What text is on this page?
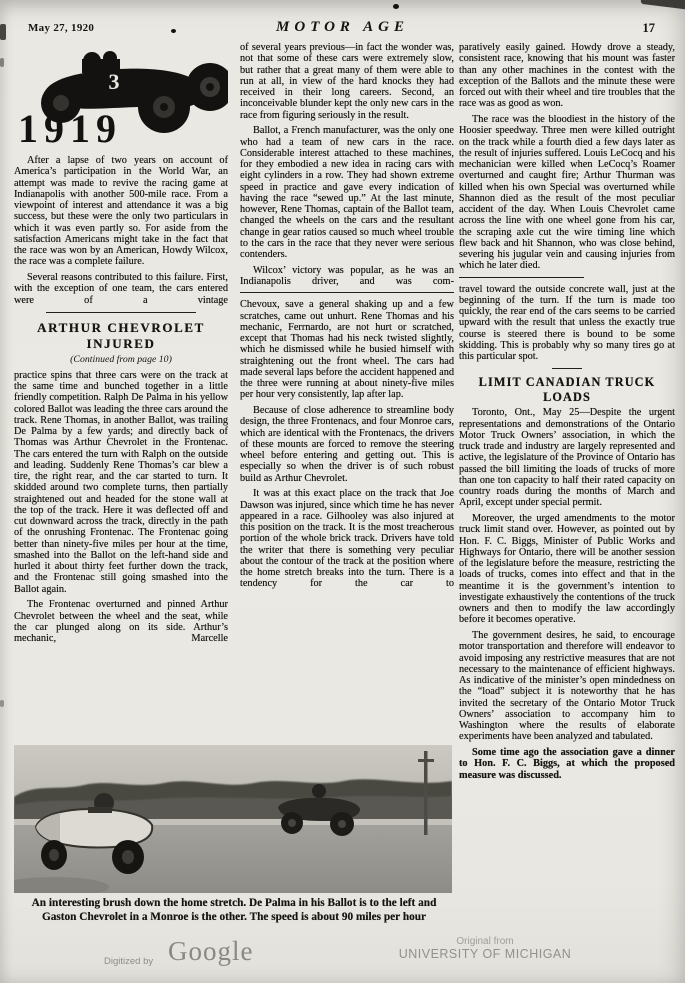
May 27, 1920	MOTOR AGE	17
3
1919

After a lapse of two years on account of America’s participation in the World War, an attempt was made to revive the racing game at Indianapolis with another 500-mile race. From a viewpoint of interest and attendance it was a big success, but these were the only two particulars in which it was even partly so. For aside from the satisfaction Americans might take in the fact that the race was won by an American, Howdy Wilcox, the race was a complete failure.

Several reasons contributed to this failure. First, with the exception of one team, the cars entered were of a vintage

ARTHUR CHEVROLET INJURED
(Continued from page 10)

practice spins that three cars were on the track at the same time and bunched together in a little friendly competition. Ralph De Palma in his yellow colored Ballot was leading the three cars around the track. Rene Thomas, in another Ballot, was trailing De Palma by a few yards; and directly back of Thomas was Arthur Chevrolet in the Frontenac. The cars entered the turn with Ralph on the outside and leading. Suddenly Rene Thomas’s car blew a tire, the right rear, and the car started to turn. It skidded around two complete turns, then partially straightened out and headed for the stone wall at the top of the track. Here it was deflected off and cut downward across the track, directly in the path of the onrushing Frontenac. The Frontenac going better than ninety-five miles per hour at the time, smashed into the Ballot on the left-hand side and hurled it about thirty feet further down the track, and the Frontenac still going smashed into the Ballot again.

The Frontenac overturned and pinned Arthur Chevrolet between the wheel and the seat, while the car plunged along on its side. Arthur’s mechanic, Marcelle

of several years previous—in fact the wonder was, not that some of these cars were extremely slow, but rather that a great many of them were able to run at all, in view of the hard knocks they had received in their long careers. Second, an inconceivable blunder kept the only new cars in the race from figuring seriously in the result.

Ballot, a French manufacturer, was the only one who had a team of new cars in the race. Considerable interest attached to these machines, for they embodied a new idea in racing cars with eight cylinders in a row. They had shown extreme speed in practice and gave every indication of having the race “sewed up.” At the last minute, however, Rene Thomas, captain of the Ballot team, changed the wheels on the cars and the resultant change in gear ratios caused so much wheel trouble to the cars in the race that they never were serious contenders.

Wilcox’ victory was popular, as he was an Indianapolis driver, and was com-

Chevoux, save a general shaking up and a few scratches, came out unhurt. Rene Thomas and his mechanic, Ferrnardo, are not hurt or scratched, except that Thomas had his neck twisted slightly, which he dismissed while he busied himself with straightening out the front wheel. The cars had made several laps before the accident happened and the three were running at about ninety-five miles per hour very consistently, lap after lap.

Because of close adherence to streamline body design, the three Frontenacs, and four Monroe cars, which are identical with the Frontenacs, the drivers of these mounts are forced to remove the steering wheel before entering and getting out. This is especially so when the driver is of such robust build as Arthur Chevrolet.

It was at this exact place on the track that Joe Dawson was injured, since which time he has never appeared in a race. Gilhooley was also injured at this position on the track. It is the most treacherous portion of the whole brick track. Drivers have told the writer that there is something very peculiar about the contour of the track at the position where the home stretch breaks into the turn. There is a tendency for the car to

paratively easily gained. Howdy drove a steady, consistent race, knowing that his mount was faster than any other machines in the contest with the exception of the Ballots and the minute these were forced out with their wheel and tire troubles that the race was as good as won.

The race was the bloodiest in the history of the Hoosier speedway. Three men were killed outright on the track while a fourth died a few days later as the result of injuries suffered. Louis LeCocq and his mechanician were killed when LeCocq’s Roamer overturned and caught fire; Arthur Thurman was killed when his own Special was overturned while Shannon died as the result of the most peculiar accident of the day. When Louis Chevrolet came across the line with one wheel gone from his car, the scraping axle cut the wire timing line which flew back and hit Shannon, who was close behind, severing his jugular vein and causing injuries from which he later died.

travel toward the outside concrete wall, just at the beginning of the turn. If the turn is made too quickly, the rear end of the cars seems to be carried upward with the result that unless the exactly true course is steered there is bound to be some skidding. This is probably why so many tires go at this particular spot.

LIMIT CANADIAN TRUCK LOADS

Toronto, Ont., May 25—Despite the urgent representations and demonstrations of the Ontario Motor Truck Owners’ association, in which the truck trade and industry are largely represented and active, the legislature of the Province of Ontario has passed the bill limiting the loads of trucks of more than one ton capacity to half their rated capacity on country roads during the months of March and April, except under special permit.

Moreover, the urged amendments to the motor truck limit stand over. However, as pointed out by Hon. F. C. Biggs, Minister of Public Works and Highways for Ontario, there will be another session of the legislature before the measure, restricting the loads of trucks, comes into effect and that in the meantime it is the government’s intention to investigate exhaustively the contentions of the truck owners and then to modify the law accordingly before it becomes operative.

The government desires, he said, to encourage motor transportation and therefore will endeavor to avoid imposing any restrictive measures that are not necessary to the maintenance of efficient highways. As indicative of the minister’s open mindedness on the “load” subject it is noteworthy that he has invited the secretary of the Ontario Motor Truck Owners’ association to accompany him to Washington where the results of elaborate experiments have been analyzed and tabulated.

Some time ago the association gave a dinner to Hon. F. C. Biggs, at which the proposed measure was discussed.

An interesting brush down the home stretch. De Palma in his Ballot is to the left and Gaston Chevrolet in a Monroe is the other. The speed is about 90 miles per hour
Digitized by Google	Original from
UNIVERSITY OF MICHIGAN
